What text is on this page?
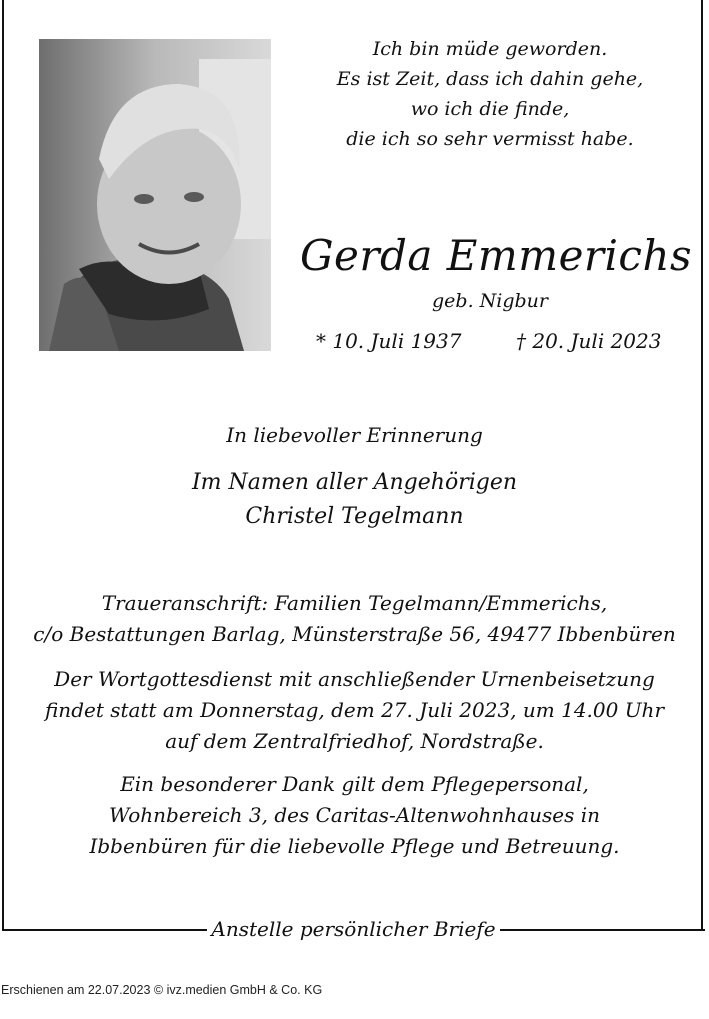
Ich bin müde geworden.
Es ist Zeit, dass ich dahin gehe,
wo ich die finde,
die ich so sehr vermisst habe.
Gerda Emmerichs
geb. Nigbur
* 10. Juli 1937	† 20. Juli 2023
In liebevoller Erinnerung
Im Namen aller Angehörigen
Christel Tegelmann
Traueranschrift: Familien Tegelmann/Emmerichs,
c/o Bestattungen Barlag, Münsterstraße 56, 49477 Ibbenbüren
Der Wortgottesdienst mit anschließender Urnenbeisetzung
findet statt am Donnerstag, dem 27. Juli 2023, um 14.00 Uhr
auf dem Zentralfriedhof, Nordstraße.
Ein besonderer Dank gilt dem Pflegepersonal,
Wohnbereich 3, des Caritas-Altenwohnhauses in
Ibbenbüren für die liebevolle Pflege und Betreuung.
Anstelle persönlicher Briefe
Erschienen am 22.07.2023 © ivz.medien GmbH & Co. KG
